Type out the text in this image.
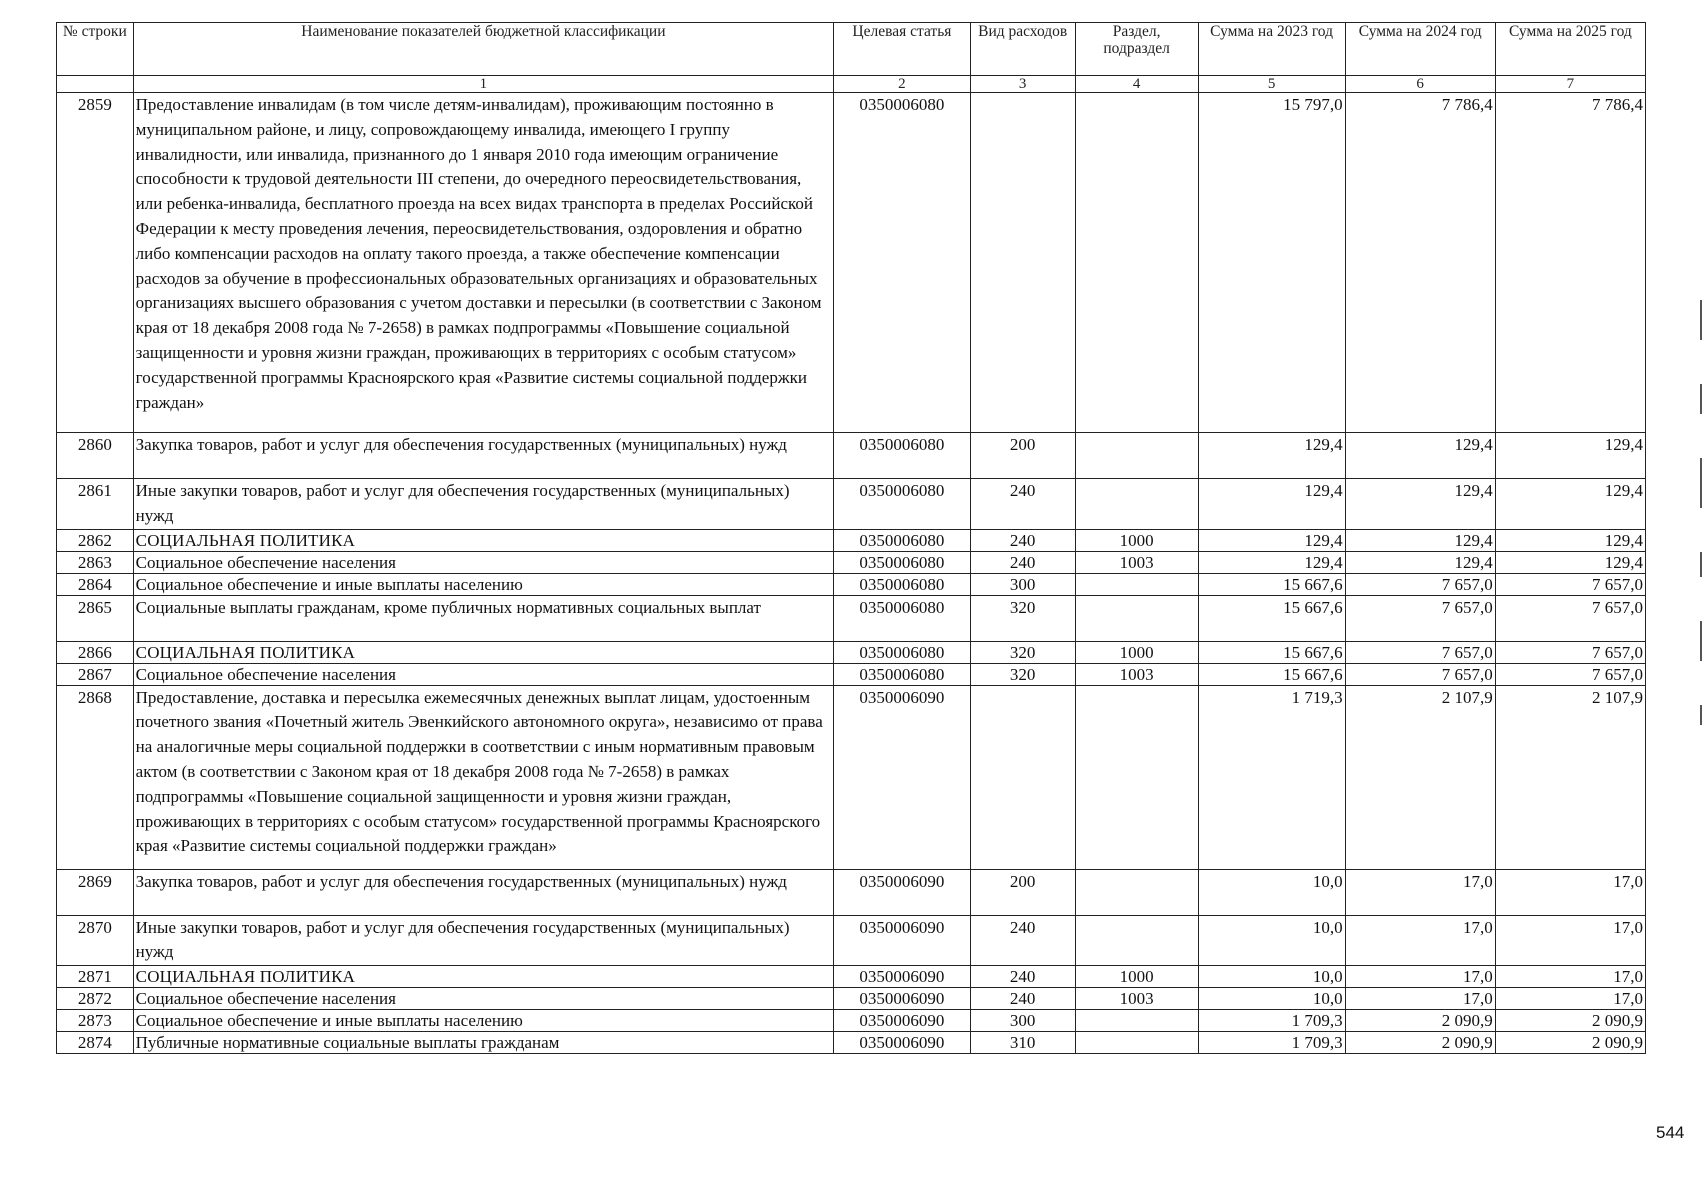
№ строки	Наименование показателей бюджетной классификации	Целевая статья	Вид расходов	Раздел, подраздел	Сумма на 2023 год	Сумма на 2024 год	Сумма на 2025 год
	1	2	3	4	5	6	7
2859	Предоставление инвалидам (в том числе детям-инвалидам), проживающим постоянно в муниципальном районе, и лицу, сопровождающему инвалида, имеющего I группу инвалидности, или инвалида, признанного до 1 января 2010 года имеющим ограничение способности к трудовой деятельности III степени, до очередного переосвидетельствования, или ребенка-инвалида, бесплатного проезда на всех видах транспорта в пределах Российской Федерации к месту проведения лечения, переосвидетельствования, оздоровления и обратно либо компенсации расходов на оплату такого проезда, а также обеспечение компенсации расходов за обучение в профессиональных образовательных организациях и образовательных организациях высшего образования с учетом доставки и пересылки (в соответствии с Законом края от 18 декабря 2008 года № 7-2658) в рамках подпрограммы «Повышение социальной защищенности и уровня жизни граждан, проживающих в территориях с особым статусом» государственной программы Красноярского края «Развитие системы социальной поддержки граждан»	0350006080			15 797,0	7 786,4	7 786,4
2860	Закупка товаров, работ и услуг для обеспечения государственных (муниципальных) нужд	0350006080	200		129,4	129,4	129,4
2861	Иные закупки товаров, работ и услуг для обеспечения государственных (муниципальных) нужд	0350006080	240		129,4	129,4	129,4
2862	СОЦИАЛЬНАЯ ПОЛИТИКА	0350006080	240	1000	129,4	129,4	129,4
2863	Социальное обеспечение населения	0350006080	240	1003	129,4	129,4	129,4
2864	Социальное обеспечение и иные выплаты населению	0350006080	300		15 667,6	7 657,0	7 657,0
2865	Социальные выплаты гражданам, кроме публичных нормативных социальных выплат	0350006080	320		15 667,6	7 657,0	7 657,0
2866	СОЦИАЛЬНАЯ ПОЛИТИКА	0350006080	320	1000	15 667,6	7 657,0	7 657,0
2867	Социальное обеспечение населения	0350006080	320	1003	15 667,6	7 657,0	7 657,0
2868	Предоставление, доставка и пересылка ежемесячных денежных выплат лицам, удостоенным почетного звания «Почетный житель Эвенкийского автономного округа», независимо от права на аналогичные меры социальной поддержки в соответствии с иным нормативным правовым актом (в соответствии с Законом края от 18 декабря 2008 года № 7-2658) в рамках подпрограммы «Повышение социальной защищенности и уровня жизни граждан, проживающих в территориях с особым статусом» государственной программы Красноярского края «Развитие системы социальной поддержки граждан»	0350006090			1 719,3	2 107,9	2 107,9
2869	Закупка товаров, работ и услуг для обеспечения государственных (муниципальных) нужд	0350006090	200		10,0	17,0	17,0
2870	Иные закупки товаров, работ и услуг для обеспечения государственных (муниципальных) нужд	0350006090	240		10,0	17,0	17,0
2871	СОЦИАЛЬНАЯ ПОЛИТИКА	0350006090	240	1000	10,0	17,0	17,0
2872	Социальное обеспечение населения	0350006090	240	1003	10,0	17,0	17,0
2873	Социальное обеспечение и иные выплаты населению	0350006090	300		1 709,3	2 090,9	2 090,9
2874	Публичные нормативные социальные выплаты гражданам	0350006090	310		1 709,3	2 090,9	2 090,9
544
